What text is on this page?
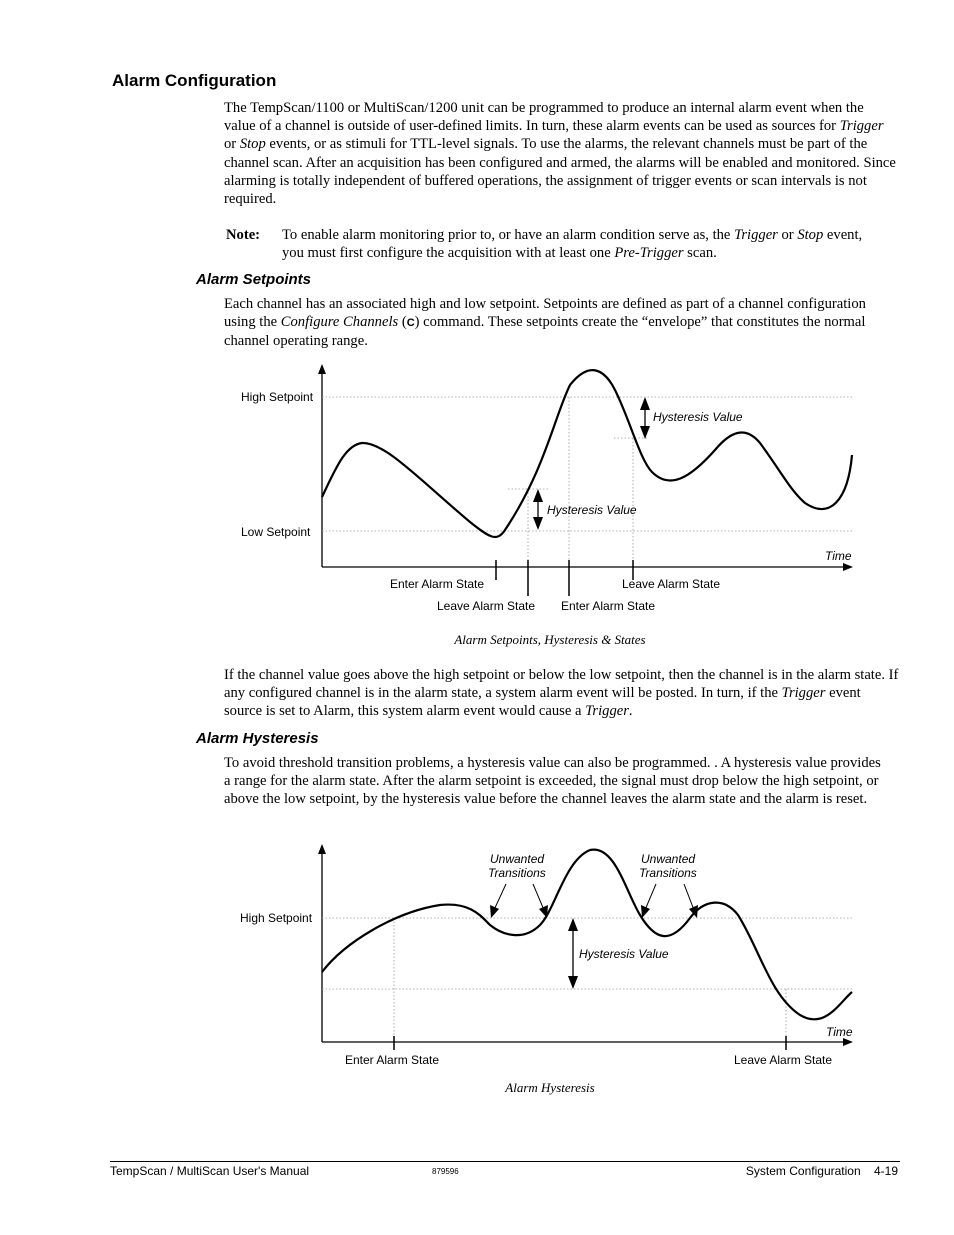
Alarm Configuration
The TempScan/1100 or MultiScan/1200 unit can be programmed to produce an internal alarm event when the value of a channel is outside of user-defined limits. In turn, these alarm events can be used as sources for Trigger or Stop events, or as stimuli for TTL-level signals. To use the alarms, the relevant channels must be part of the channel scan. After an acquisition has been configured and armed, the alarms will be enabled and monitored. Since alarming is totally independent of buffered operations, the assignment of trigger events or scan intervals is not required.
Note: To enable alarm monitoring prior to, or have an alarm condition serve as, the Trigger or Stop event, you must first configure the acquisition with at least one Pre-Trigger scan.
Alarm Setpoints
Each channel has an associated high and low setpoint. Setpoints are defined as part of a channel configuration using the Configure Channels (C) command. These setpoints create the “envelope” that constitutes the normal channel operating range.
High Setpoint
Low Setpoint
Time
Hysteresis Value
Hysteresis Value
Enter Alarm State
Leave Alarm State Enter Alarm State
Leave Alarm State
Alarm Setpoints, Hysteresis & States
If the channel value goes above the high setpoint or below the low setpoint, then the channel is in the alarm state. If any configured channel is in the alarm state, a system alarm event will be posted. In turn, if the Trigger event source is set to Alarm, this system alarm event would cause a Trigger.
Alarm Hysteresis
To avoid threshold transition problems, a hysteresis value can also be programmed. . A hysteresis value provides a range for the alarm state. After the alarm setpoint is exceeded, the signal must drop below the high setpoint, or above the low setpoint, by the hysteresis value before the channel leaves the alarm state and the alarm is reset.
High Setpoint
Unwanted
Transitions
Unwanted
Transitions
Hysteresis Value
Time
Enter Alarm State	Leave Alarm State
Alarm Hysteresis
TempScan / MultiScan User's Manual	879596	System Configuration    4-19
